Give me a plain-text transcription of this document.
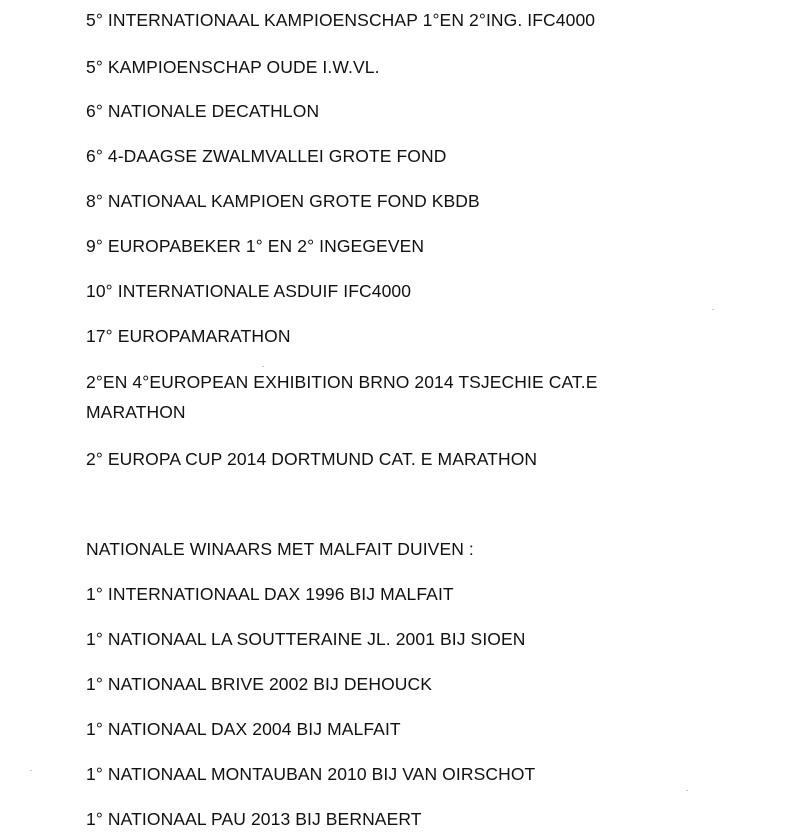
5° INTERNATIONAAL KAMPIOENSCHAP 1°EN 2°ING. IFC4000
5° KAMPIOENSCHAP OUDE I.W.VL.
6° NATIONALE DECATHLON
6° 4-DAAGSE ZWALMVALLEI GROTE FOND
8° NATIONAAL KAMPIOEN GROTE FOND KBDB
9° EUROPABEKER 1° EN 2° INGEGEVEN
10° INTERNATIONALE ASDUIF IFC4000
17° EUROPAMARATHON
2°EN 4°EUROPEAN EXHIBITION BRNO 2014 TSJECHIE CAT.E MARATHON
2° EUROPA CUP 2014 DORTMUND CAT. E MARATHON
NATIONALE WINAARS MET MALFAIT DUIVEN :
1° INTERNATIONAAL DAX 1996 BIJ MALFAIT
1° NATIONAAL LA SOUTTERAINE JL. 2001 BIJ SIOEN
1° NATIONAAL BRIVE 2002 BIJ DEHOUCK
1° NATIONAAL DAX 2004 BIJ MALFAIT
1° NATIONAAL MONTAUBAN 2010 BIJ VAN OIRSCHOT
1° NATIONAAL PAU 2013 BIJ BERNAERT
